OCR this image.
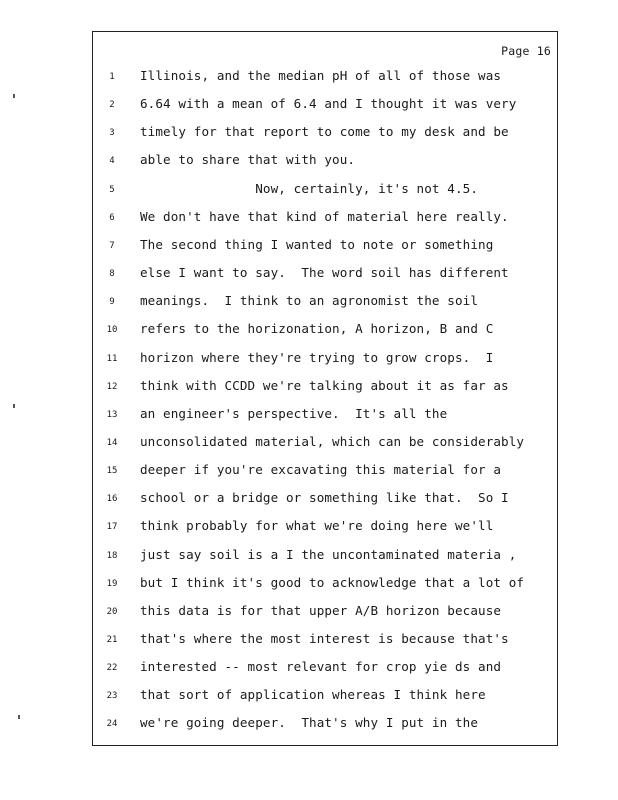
Page 16
1	Illinois, and the median pH of all of those was
2	6.64 with a mean of 6.4 and I thought it was very
3	timely for that report to come to my desk and be
4	able to share that with you.
5	Now, certainly, it's not 4.5.
6	We don't have that kind of material here really.
7	The second thing I wanted to note or something
8	else I want to say.  The word soil has different
9	meanings.  I think to an agronomist the soil
10	refers to the horizonation, A horizon, B and C
11	horizon where they're trying to grow crops.  I
12	think with CCDD we're talking about it as far as
13	an engineer's perspective.  It's all the
14	unconsolidated material, which can be considerably
15	deeper if you're excavating this material for a
16	school or a bridge or something like that.  So I
17	think probably for what we're doing here we'll
18	just say soil is a I the uncontaminated materia ,
19	but I think it's good to acknowledge that a lot of
20	this data is for that upper A/B horizon because
21	that's where the most interest is because that's
22	interested -- most relevant for crop yie ds and
23	that sort of application whereas I think here
24	we're going deeper.  That's why I put in the
